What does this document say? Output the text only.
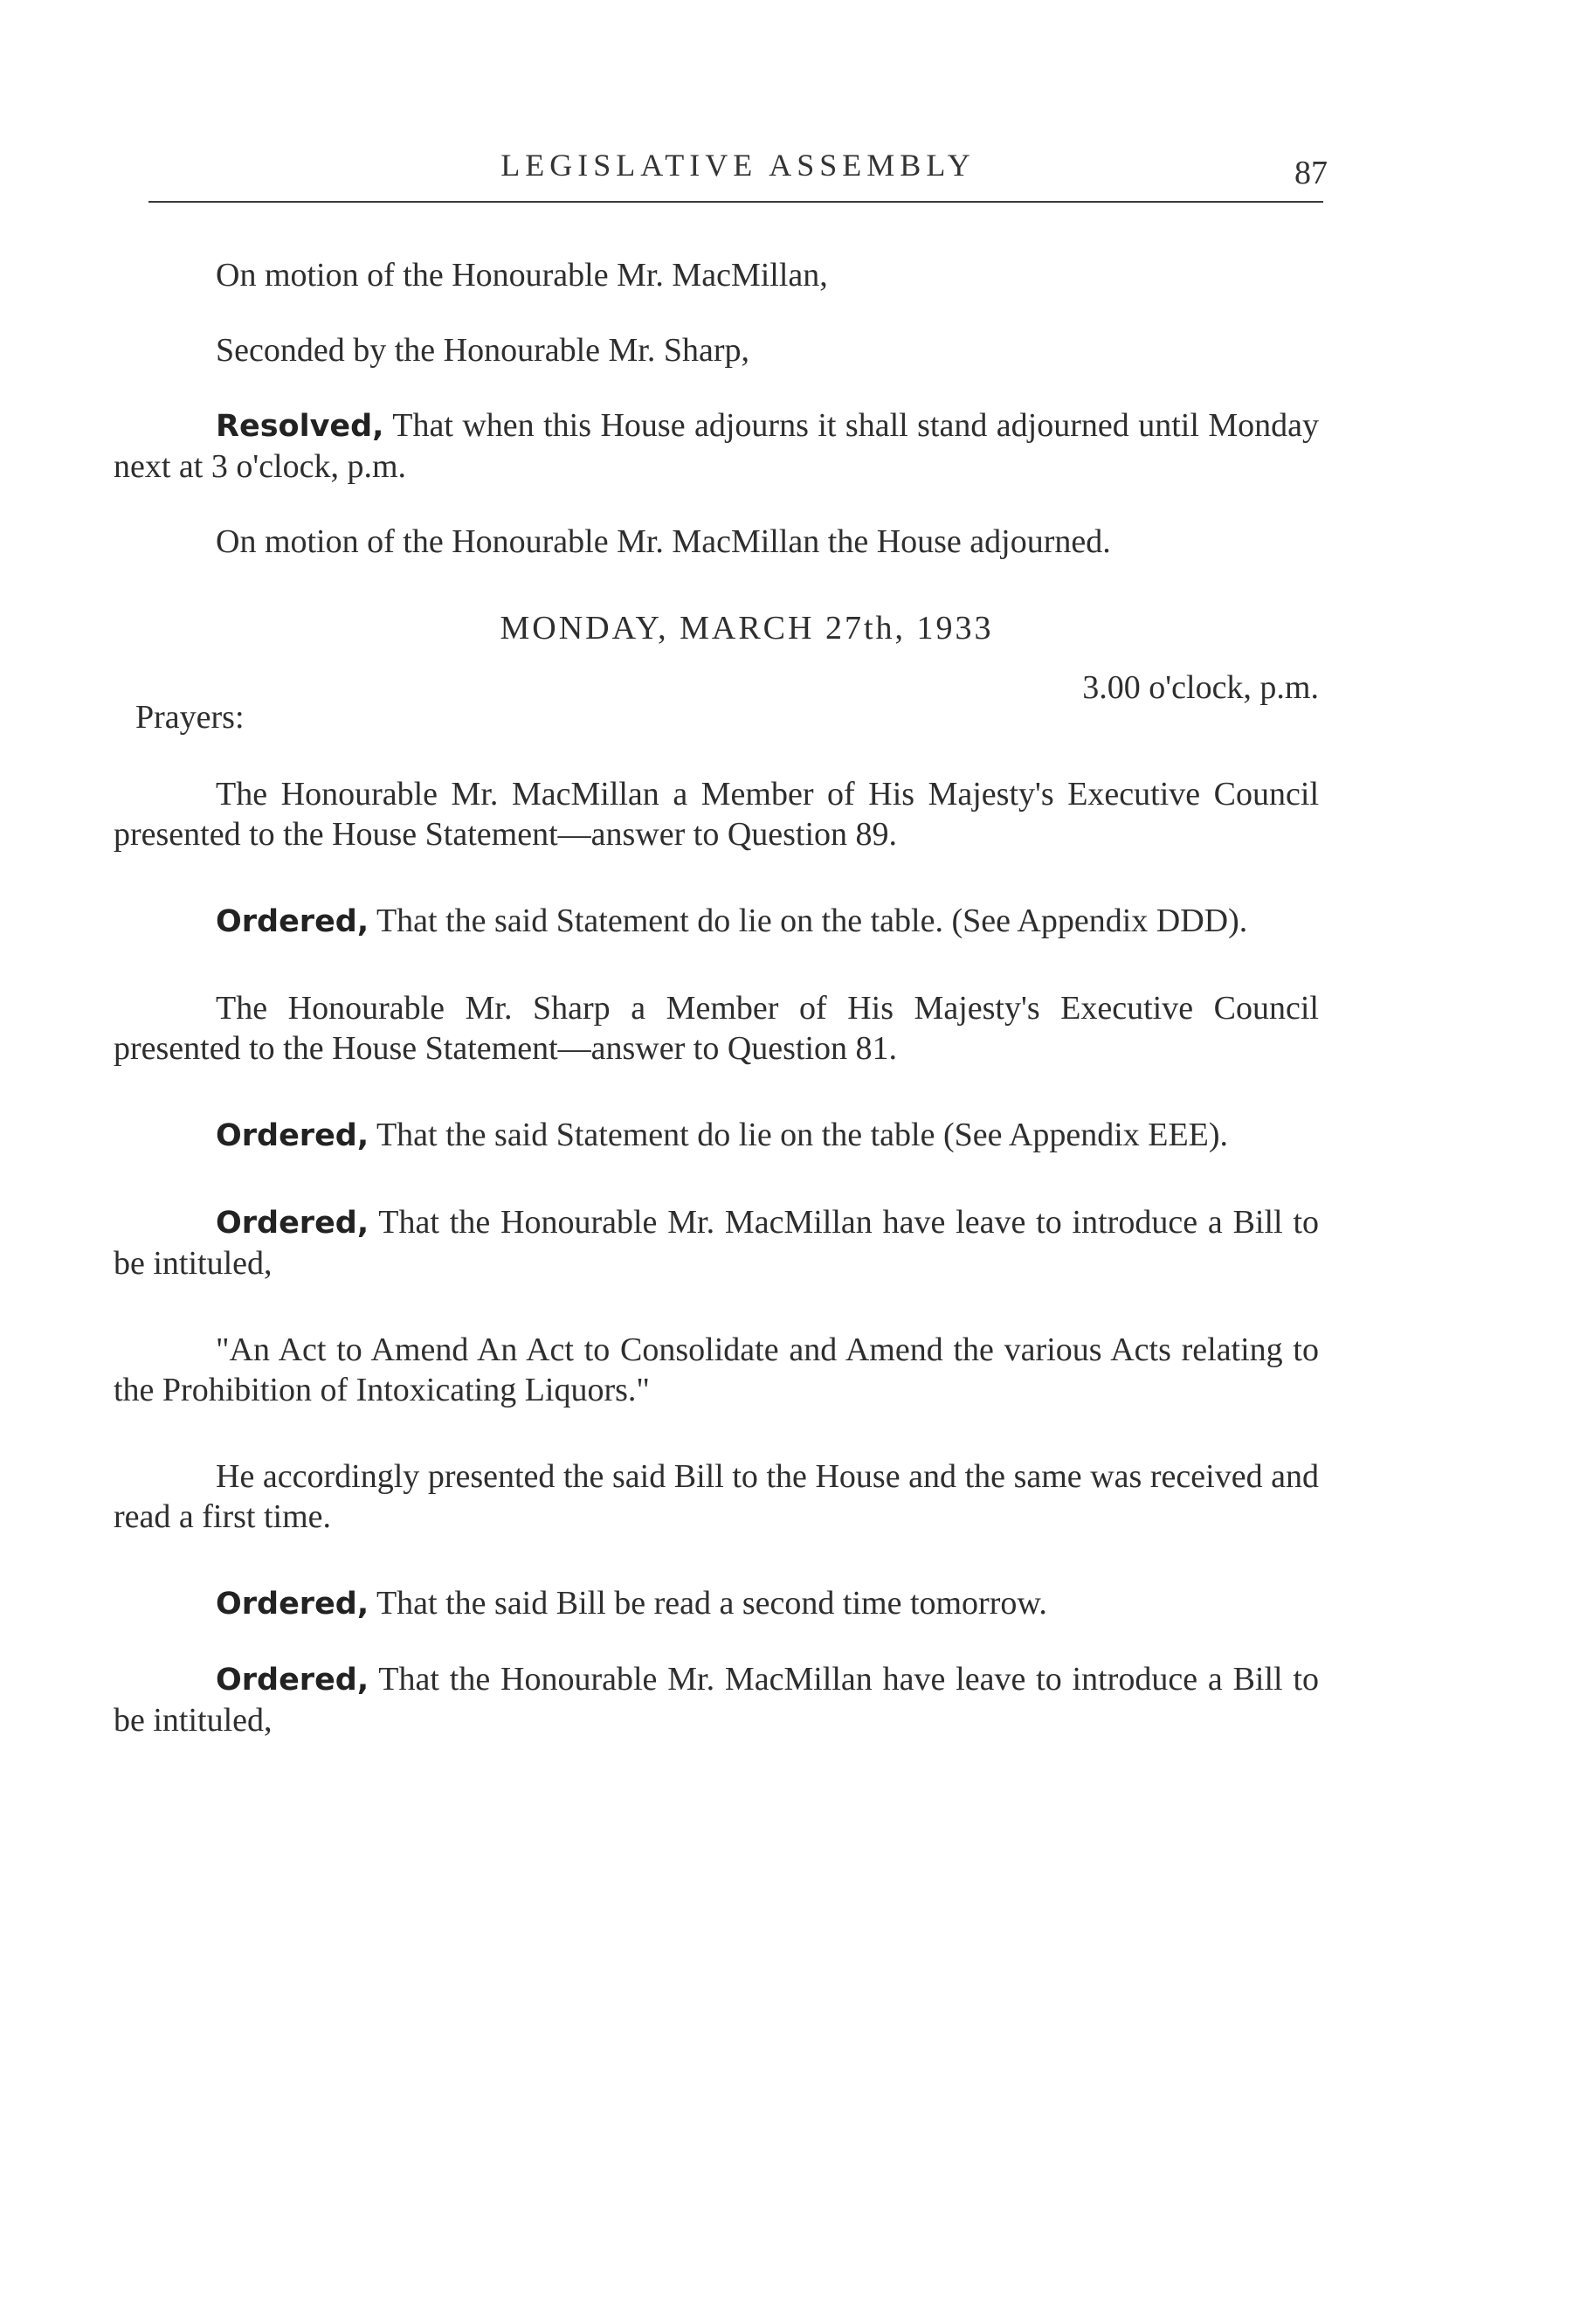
LEGISLATIVE ASSEMBLY	87

On motion of the Honourable Mr. MacMillan,

Seconded by the Honourable Mr. Sharp,

Resolved, That when this House adjourns it shall stand adjourned until Monday next at 3 o'clock, p.m.

On motion of the Honourable Mr. MacMillan the House adjourned.

MONDAY, MARCH 27th, 1933
3.00 o'clock, p.m.
Prayers:

The Honourable Mr. MacMillan a Member of His Majesty's Executive Council presented to the House Statement—answer to Question 89.

Ordered, That the said Statement do lie on the table. (See Appendix DDD).

The Honourable Mr. Sharp a Member of His Majesty's Executive Council presented to the House Statement—answer to Question 81.

Ordered, That the said Statement do lie on the table (See Appendix EEE).

Ordered, That the Honourable Mr. MacMillan have leave to introduce a Bill to be intituled,

"An Act to Amend An Act to Consolidate and Amend the various Acts relating to the Prohibition of Intoxicating Liquors."

He accordingly presented the said Bill to the House and the same was received and read a first time.

Ordered, That the said Bill be read a second time tomorrow.

Ordered, That the Honourable Mr. MacMillan have leave to introduce a Bill to be intituled,
